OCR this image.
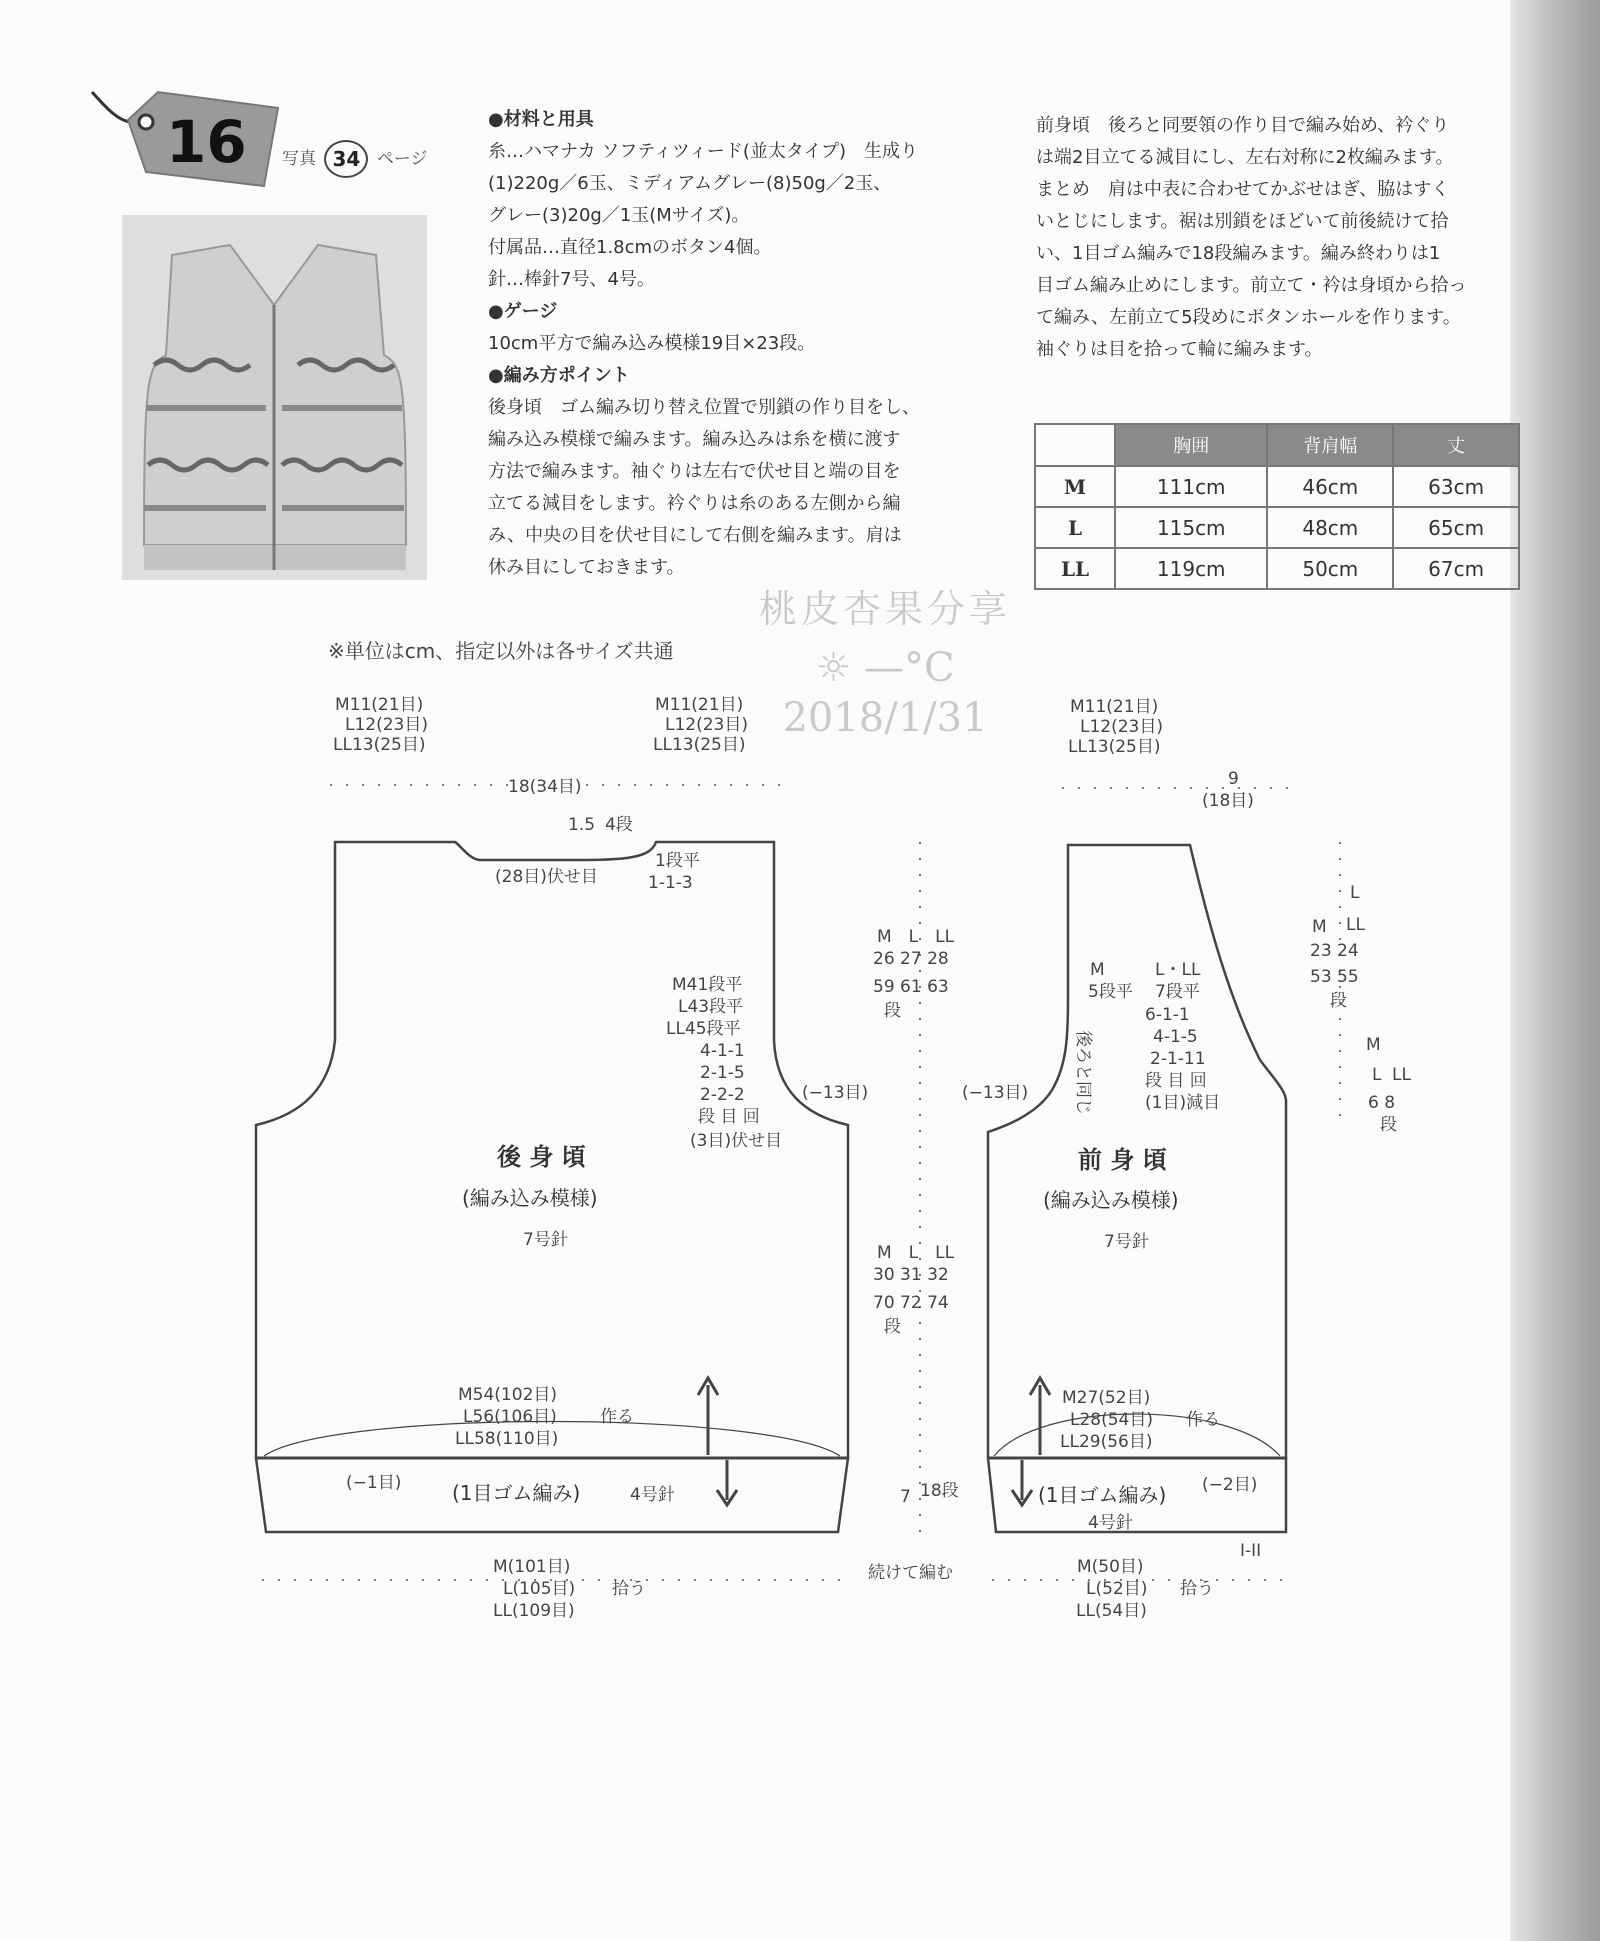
16 写真 34 ページ
●材料と用具
糸…ハマナカ ソフティツィード(並太タイプ)　生成り
(1)220g／6玉、ミディアムグレー(8)50g／2玉、
グレー(3)20g／1玉(Mサイズ)。
付属品…直径1.8cmのボタン4個。
針…棒針7号、4号。
●ゲージ
10cm平方で編み込み模様19目×23段。
●編み方ポイント
後身頃　ゴム編み切り替え位置で別鎖の作り目をし、
編み込み模様で編みます。編み込みは糸を横に渡す
方法で編みます。袖ぐりは左右で伏せ目と端の目を
立てる減目をします。衿ぐりは糸のある左側から編
み、中央の目を伏せ目にして右側を編みます。肩は
休み目にしておきます。
前身頃　後ろと同要領の作り目で編み始め、衿ぐり
は端2目立てる減目にし、左右対称に2枚編みます。
まとめ　肩は中表に合わせてかぶせはぎ、脇はすく
いとじにします。裾は別鎖をほどいて前後続けて拾
い、1目ゴム編みで18段編みます。編み終わりは1
目ゴム編み止めにします。前立て・衿は身頃から拾っ
て編み、左前立て5段めにボタンホールを作ります。
袖ぐりは目を拾って輪に編みます。
	胸囲	背肩幅	丈
M	111cm	46cm	63cm
L	115cm	48cm	65cm
LL	119cm	50cm	67cm
桃皮杏果分享
☼ —°C
2018/1/31
※単位はcm、指定以外は各サイズ共通
M11(21目)
L12(23目)
LL13(25目)
M11(21目)
L12(23目)
LL13(25目)
18(34目)
1.5 4段
(28目)伏せ目
1段平
1-1-3
M41段平
L43段平
LL45段平
4-1-1
2-1-5
2-2-2
段 目 回
(3目)伏せ目
(−13目)
後 身 頃
(編み込み模様)
7号針
M54(102目)
L56(106目)
LL58(110目)
作る
(−1目)	(1目ゴム編み)	4号針
M(101目)
L(105目)
LL(109目)
拾う
M　L　LL
26 27 28
59 61 63
段
M　L　LL
30 31 32
70 72 74
段
7 18段
続けて編む
M11(21目)
L12(23目)
LL13(25目)
9
(18目)
M
5段平
L・LL
7段平
6-1-1
4-1-5
2-1-11
段 目 回
(1目)減目
後ろと同じ
(−13目)
前 身 頃
(編み込み模様)
7号針
M27(52目)
L28(54目)
LL29(56目)
作る
(1目ゴム編み)
4号針
(−2目)
I-II
M(50目)
L(52目)
LL(54目)
拾う
L
LL
M
23 24
53 55
段
M
L LL
6 8
段
